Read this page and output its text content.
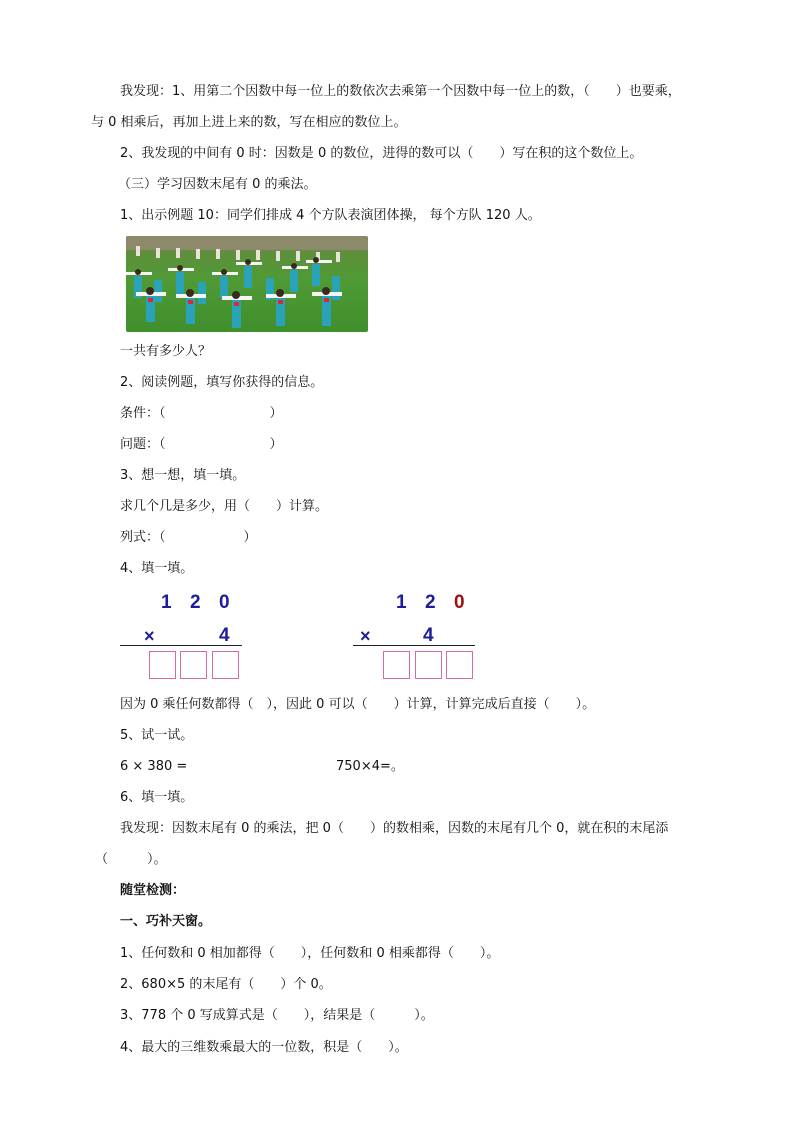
我发现：1、用第二个因数中每一位上的数依次去乘第一个因数中每一位上的数，（　　）也要乘，
与 0 相乘后，再加上进上来的数，写在相应的数位上。
2、我发现的中间有 0 时：因数是 0 的数位，进得的数可以（　　）写在积的这个数位上。
（三）学习因数末尾有 0 的乘法。
1、出示例题 10：同学们排成 4 个方队表演团体操， 每个方队 120 人。
一共有多少人？
2、阅读例题，填写你获得的信息。
条件：（　　　　　　　　）
问题：（　　　　　　　　）
3、想一想，填一填。
求几个几是多少，用（　　）计算。
列式：（　　　　　　）
4、填一填。
1 2 0
×	4
1 2 0
×	4
因为 0 乘任何数都得（　），因此 0 可以（　　）计算，计算完成后直接（　　）。
5、试一试。
6 × 380 =	750×4=。
6、填一填。
我发现：因数末尾有 0 的乘法，把 0（　　）的数相乘，因数的末尾有几个 0，就在积的末尾添
（　　　）。
随堂检测：
一、巧补天窗。
1、任何数和 0 相加都得（　　），任何数和 0 相乘都得（　　）。
2、680×5 的末尾有（　　）个 0。
3、778 个 0 写成算式是（　　），结果是（　　　）。
4、最大的三维数乘最大的一位数，积是（　　）。
